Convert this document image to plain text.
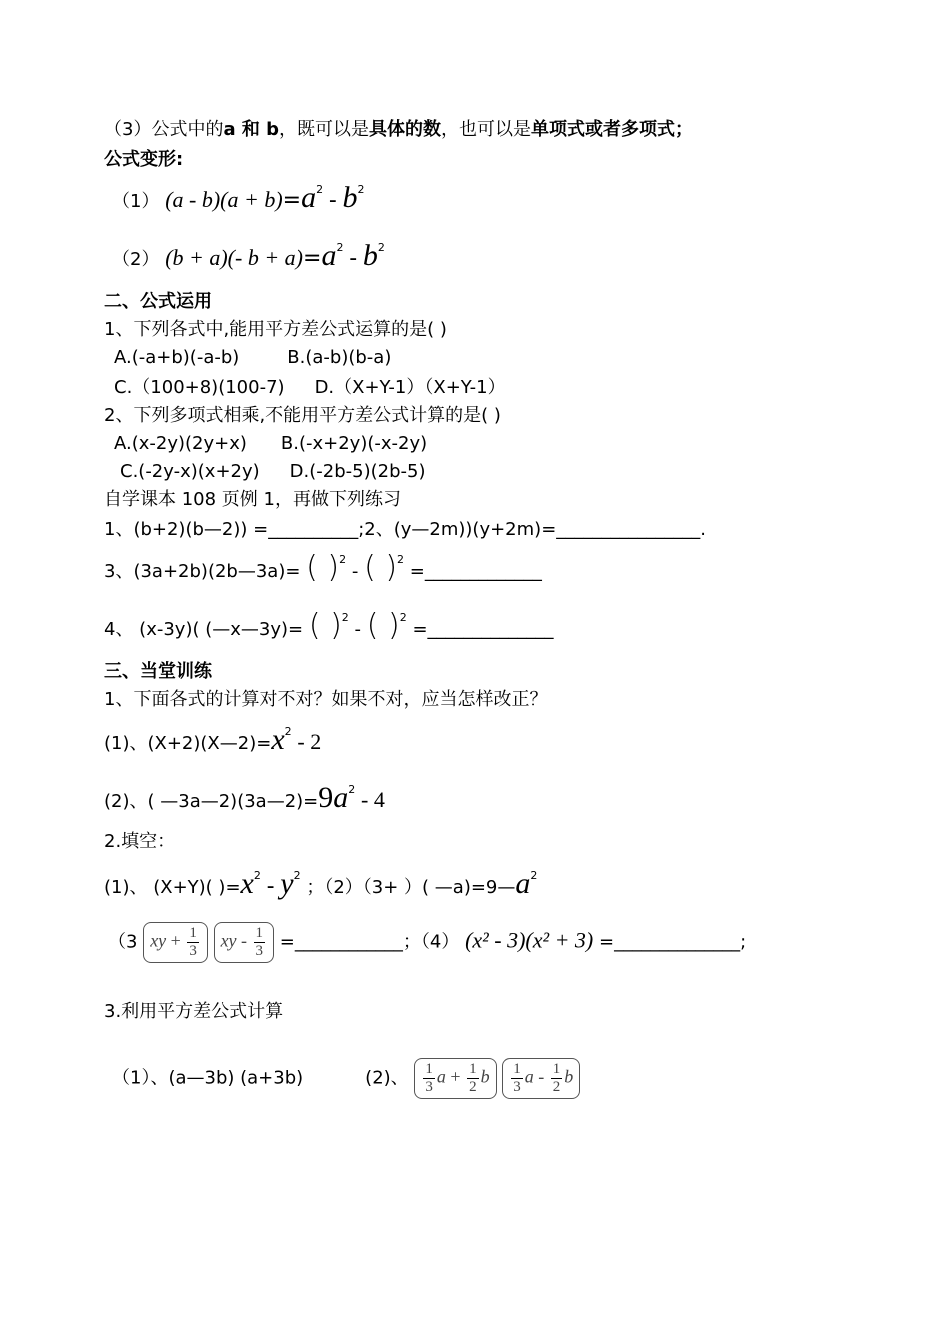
（3）公式中的a 和 b，既可以是具体的数，也可以是单项式或者多项式；
公式变形:
（1） $(a - b)(a + b)=a^2 - b^2$
（2） (b + a)(- $b + a)=a^2 - b^2$
二、公式运用
1、下列各式中,能用平方差公式运算的是( )
A.(-a+b)(-a-b)	B.(a-b)(b-a)
C.（100+8)(100-7) D.（X+Y-1）（X+Y-1）
2、下列多项式相乘,不能用平方差公式计算的是( )
A.(x-2y)(2y+x) B.(-x+2y)(-x-2y)
C.(-2y-x)(x+2y) D.(-2b-5)(2b-5)
自学课本 108 页例 1，再做下列练习
1、(b+2)(b—2)) =__________;2、(y—2m))(y+2m)=________________.
3、(3a+2b)(2b—3a)= ( )$^2$ - ( )$^2$ =_____________
4、 (x-3y)( (—x—3y)= ( )$^2$ - ( )$^2$ =______________
三、当堂训练
1、下面各式的计算对不对？如果不对，应当怎样改正？
(1)、$(X+2)(X—2)=x^2 - 2$
(2)、( $—3a—2)(3a—2)=9a^2 - 4$
2.填空：
(1)、 (X+Y)( )$=x^2 - y^2$ ；（2）（3+ ）( $—a)=9—a^2$
（3 xy + $\frac{1}{3}$ xy - $\frac{1}{3}$ =____________；（4） (x² - 3)(x² + 3) =______________;
3.利用平方差公式计算
（1）、(a—3b) (a+3b)	(2)、 $\frac{1}{3}$ $a + \frac{1}{2}$ b $\frac{1}{3}$ a - $\frac{1}{2}$ b
